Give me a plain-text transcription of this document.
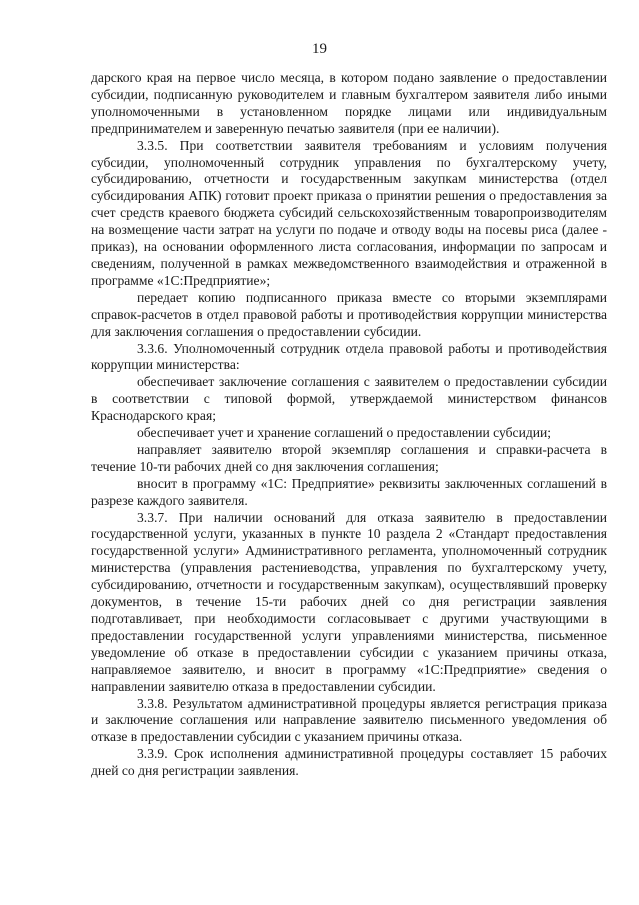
19

дарского края на первое число месяца, в котором подано заявление о предоставлении субсидии, подписанную руководителем и главным бухгалтером заявителя либо иными уполномоченными в установленном порядке лицами или индивидуальным предпринимателем и заверенную печатью заявителя (при ее наличии).

3.3.5. При соответствии заявителя требованиям и условиям получения субсидии, уполномоченный сотрудник управления по бухгалтерскому учету, субсидированию, отчетности и государственным закупкам министерства (отдел субсидирования АПК) готовит проект приказа о принятии решения о предоставления за счет средств краевого бюджета субсидий сельскохозяйственным товаропроизводителям на возмещение части затрат на услуги по подаче и отводу воды на посевы риса (далее - приказ), на основании оформленного листа согласования, информации по запросам и сведениям, полученной в рамках межведомственного взаимодействия и отраженной в программе «1С:Предприятие»;

передает копию подписанного приказа вместе со вторыми экземплярами справок-расчетов в отдел правовой работы и противодействия коррупции министерства для заключения соглашения о предоставлении субсидии.

3.3.6. Уполномоченный сотрудник отдела правовой работы и противодействия коррупции министерства:

обеспечивает заключение соглашения с заявителем о предоставлении субсидии в соответствии с типовой формой, утверждаемой министерством финансов Краснодарского края;

обеспечивает учет и хранение соглашений о предоставлении субсидии;

направляет заявителю второй экземпляр соглашения и справки-расчета в течение 10-ти рабочих дней со дня заключения соглашения;

вносит в программу «1С: Предприятие» реквизиты заключенных соглашений в разрезе каждого заявителя.

3.3.7. При наличии оснований для отказа заявителю в предоставлении государственной услуги, указанных в пункте 10 раздела 2 «Стандарт предоставления государственной услуги» Административного регламента, уполномоченный сотрудник министерства (управления растениеводства, управления по бухгалтерскому учету, субсидированию, отчетности и государственным закупкам), осуществлявший проверку документов, в течение 15-ти рабочих дней со дня регистрации заявления подготавливает, при необходимости согласовывает с другими участвующими в предоставлении государственной услуги управлениями министерства, письменное уведомление об отказе в предоставлении субсидии с указанием причины отказа, направляемое заявителю, и вносит в программу «1С:Предприятие» сведения о направлении заявителю отказа в предоставлении субсидии.

3.3.8. Результатом административной процедуры является регистрация приказа и заключение соглашения или направление заявителю письменного уведомления об отказе в предоставлении субсидии с указанием причины отказа.

3.3.9. Срок исполнения административной процедуры составляет 15 рабочих дней со дня регистрации заявления.
